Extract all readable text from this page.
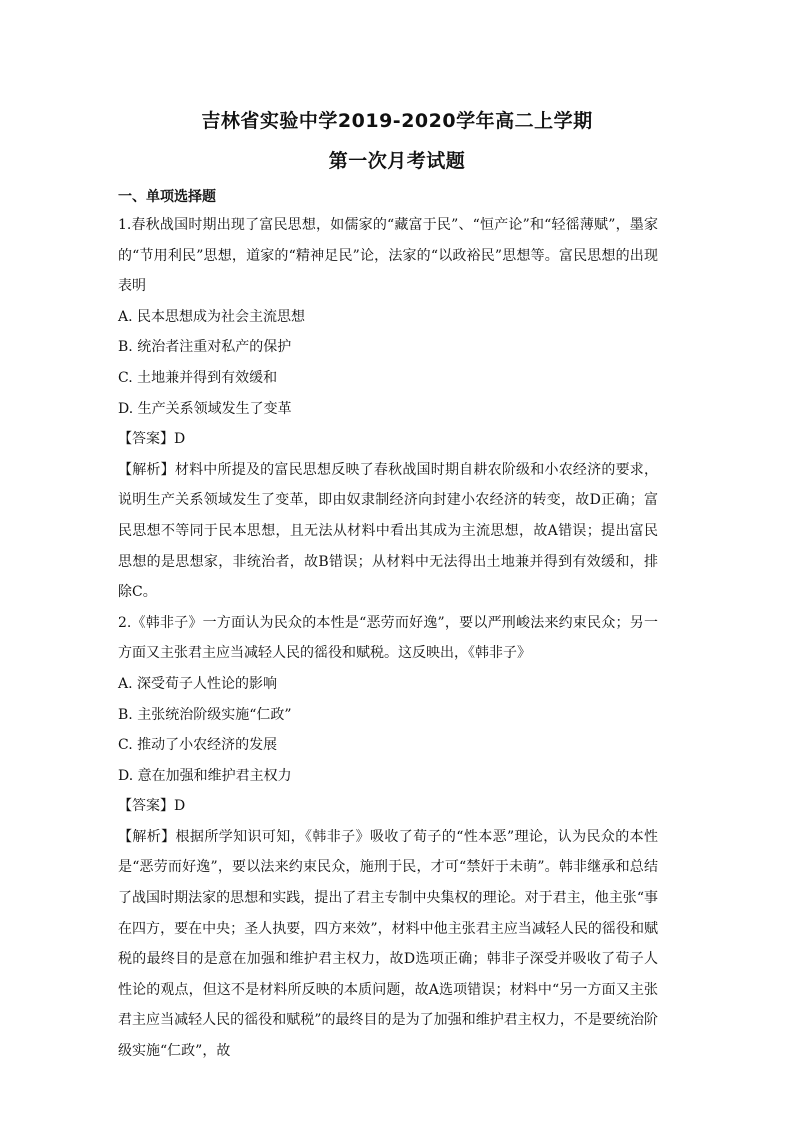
吉林省实验中学2019-2020学年高二上学期
第一次月考试题
一、单项选择题

1.春秋战国时期出现了富民思想，如儒家的“藏富于民”、“恒产论”和“轻徭薄赋”，墨家的“节用利民”思想，道家的“精神足民”论，法家的“以政裕民”思想等。富民思想的出现表明

A. 民本思想成为社会主流思想

B. 统治者注重对私产的保护

C. 土地兼并得到有效缓和

D. 生产关系领域发生了变革

【答案】D

【解析】材料中所提及的富民思想反映了春秋战国时期自耕农阶级和小农经济的要求，说明生产关系领域发生了变革，即由奴隶制经济向封建小农经济的转变，故D正确；富民思想不等同于民本思想，且无法从材料中看出其成为主流思想，故A错误；提出富民思想的是思想家，非统治者，故B错误；从材料中无法得出土地兼并得到有效缓和，排除C。

2.《韩非子》一方面认为民众的本性是“恶劳而好逸”，要以严刑峻法来约束民众；另一方面又主张君主应当减轻人民的徭役和赋税。这反映出，《韩非子》

A. 深受荀子人性论的影响

B. 主张统治阶级实施“仁政”

C. 推动了小农经济的发展

D. 意在加强和维护君主权力

【答案】D

【解析】根据所学知识可知，《韩非子》吸收了荀子的“性本恶”理论，认为民众的本性是“恶劳而好逸”，要以法来约束民众，施刑于民，才可“禁奸于未萌”。韩非继承和总结了战国时期法家的思想和实践，提出了君主专制中央集权的理论。对于君主，他主张“事在四方，要在中央；圣人执要，四方来效”，材料中他主张君主应当减轻人民的徭役和赋税的最终目的是意在加强和维护君主权力，故D选项正确；韩非子深受并吸收了荀子人性论的观点，但这不是材料所反映的本质问题，故A选项错误；材料中“另一方面又主张君主应当减轻人民的徭役和赋税”的最终目的是为了加强和维护君主权力，不是要统治阶级实施“仁政”，故
